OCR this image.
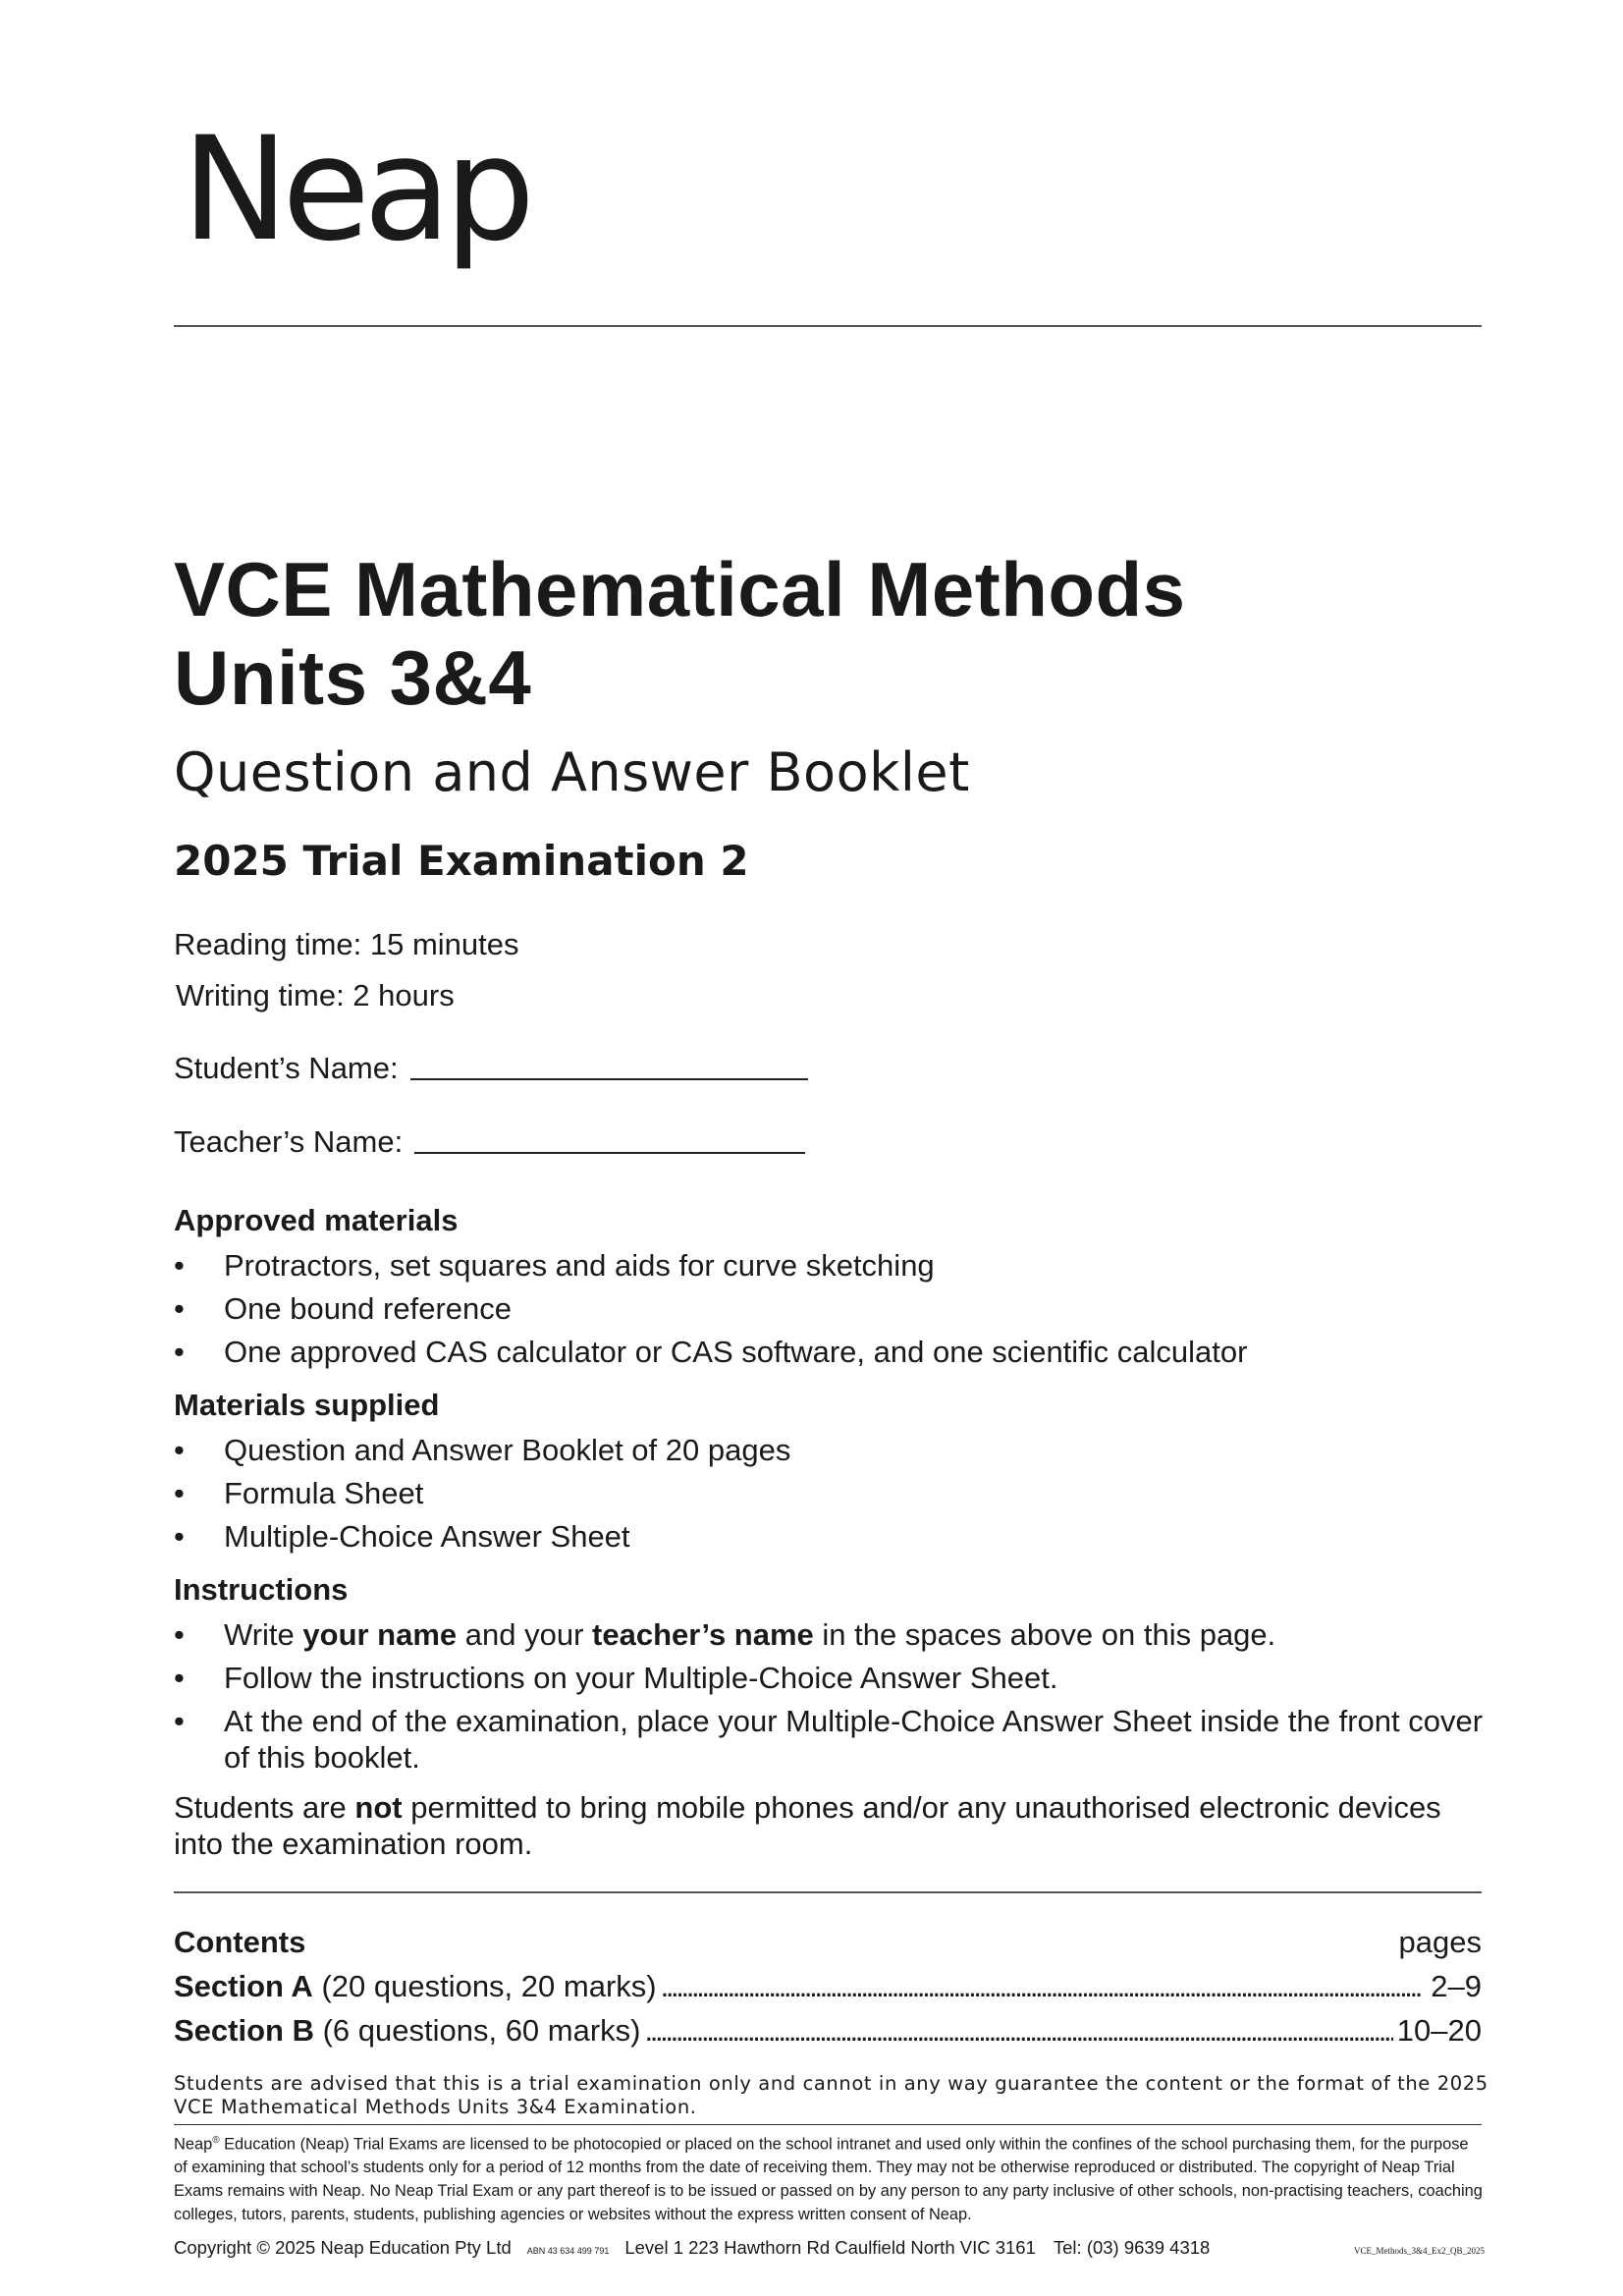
Neap
VCE Mathematical Methods
Units 3&4
Question and Answer Booklet
2025 Trial Examination 2
Reading time: 15 minutes
Writing time: 2 hours
Student’s Name:
Teacher’s Name:
Approved materials
• Protractors, set squares and aids for curve sketching
• One bound reference
• One approved CAS calculator or CAS software, and one scientific calculator
Materials supplied
• Question and Answer Booklet of 20 pages
• Formula Sheet
• Multiple-Choice Answer Sheet
Instructions
• Write your name and your teacher’s name in the spaces above on this page.
• Follow the instructions on your Multiple-Choice Answer Sheet.
• At the end of the examination, place your Multiple-Choice Answer Sheet inside the front cover of this booklet.
Students are not permitted to bring mobile phones and/or any unauthorised electronic devices into the examination room.
Contents	pages
Section A (20 questions, 20 marks) . . .	2–9
Section B (6 questions, 60 marks) . . .	10–20
Students are advised that this is a trial examination only and cannot in any way guarantee the content or the format of the 2025 VCE Mathematical Methods Units 3&4 Examination.
Neap® Education (Neap) Trial Exams are licensed to be photocopied or placed on the school intranet and used only within the confines of the school purchasing them, for the purpose of examining that school’s students only for a period of 12 months from the date of receiving them. They may not be otherwise reproduced or distributed. The copyright of Neap Trial Exams remains with Neap. No Neap Trial Exam or any part thereof is to be issued or passed on by any person to any party inclusive of other schools, non-practising teachers, coaching colleges, tutors, parents, students, publishing agencies or websites without the express written consent of Neap.
Copyright © 2025 Neap Education Pty Ltd ABN 43 634 499 791 Level 1 223 Hawthorn Rd Caulfield North VIC 3161 Tel: (03) 9639 4318	VCE_Methods_3&4_Ex2_QB_2025
